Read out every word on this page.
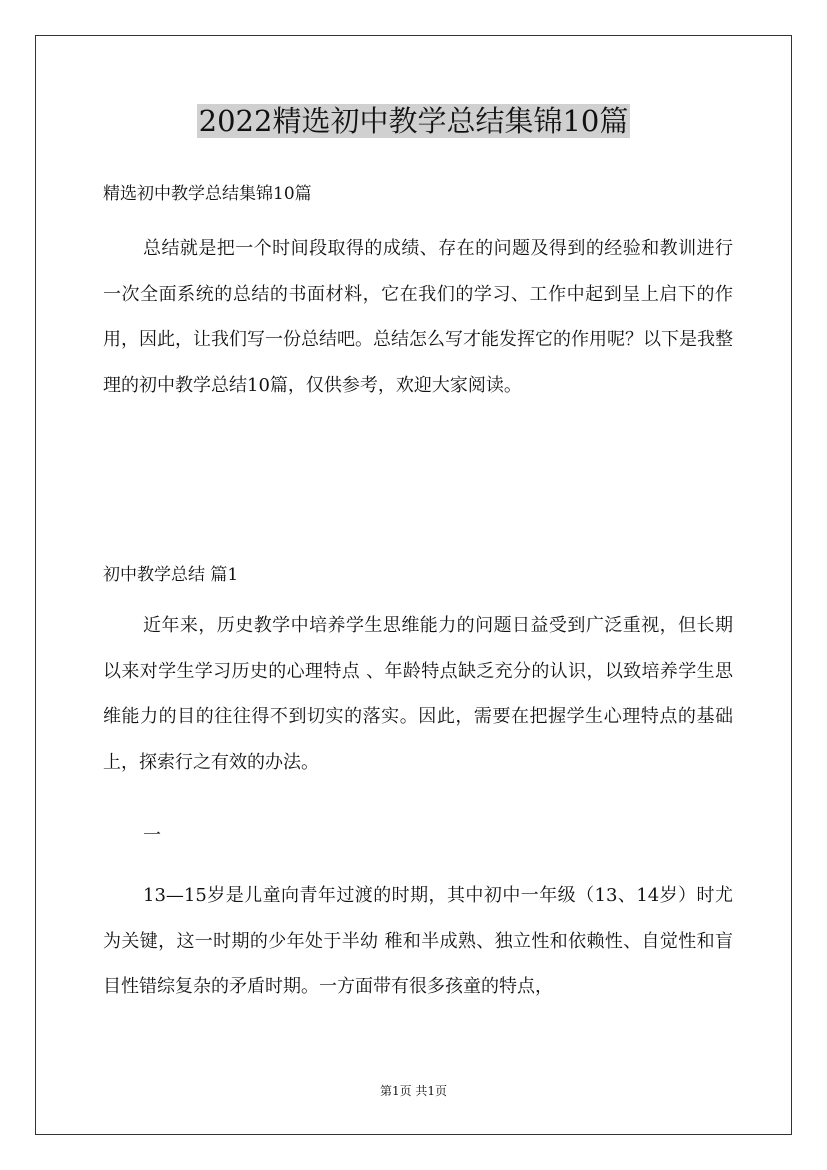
2022精选初中教学总结集锦10篇
精选初中教学总结集锦10篇

总结就是把一个时间段取得的成绩、存在的问题及得到的经验和教训进行一次全面系统的总结的书面材料，它在我们的学习、工作中起到呈上启下的作用，因此，让我们写一份总结吧。总结怎么写才能发挥它的作用呢？以下是我整理的初中教学总结10篇，仅供参考，欢迎大家阅读。

初中教学总结 篇1

近年来，历史教学中培养学生思维能力的问题日益受到广泛重视，但长期以来对学生学习历史的心理特点 、年龄特点缺乏充分的认识，以致培养学生思维能力的目的往往得不到切实的落实。因此，需要在把握学生心理特点的基础上，探索行之有效的办法。

一

13—15岁是儿童向青年过渡的时期，其中初中一年级（13、14岁）时尤为关键，这一时期的少年处于半幼 稚和半成熟、独立性和依赖性、自觉性和盲目性错综复杂的矛盾时期。一方面带有很多孩童的特点，

第1页 共1页
